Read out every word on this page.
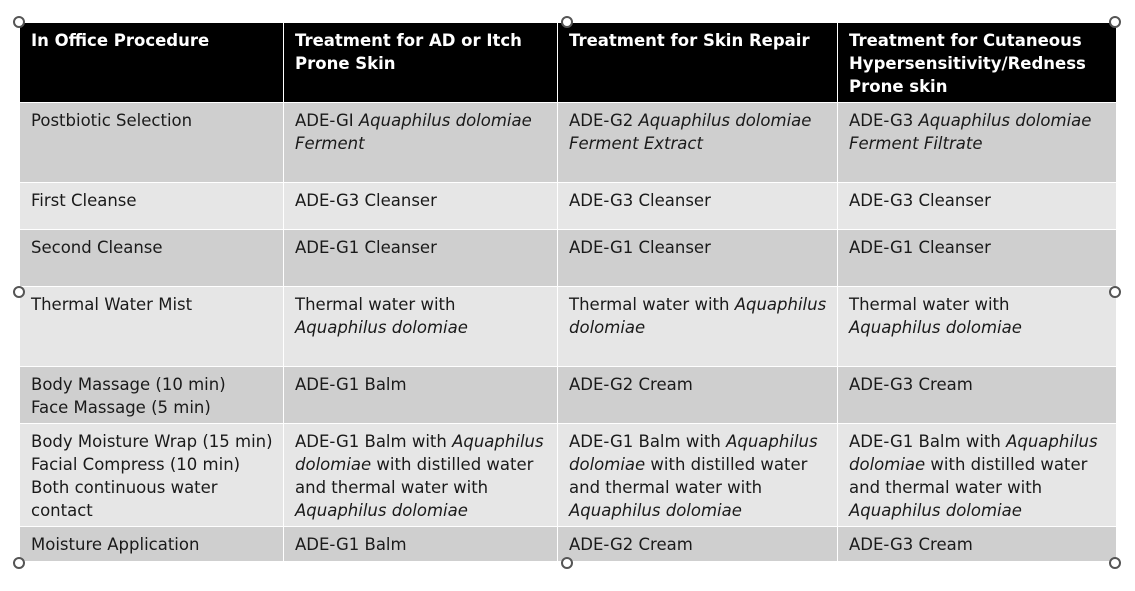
In Office Procedure	Treatment for AD or Itch Prone Skin	Treatment for Skin Repair	Treatment for Cutaneous Hypersensitivity/Redness Prone skin

Postbiotic Selection	ADE-GI Aquaphilus dolomiae Ferment	ADE-G2 Aquaphilus dolomiae Ferment Extract	ADE-G3 Aquaphilus dolomiae Ferment Filtrate

First Cleanse	ADE-G3 Cleanser	ADE-G3 Cleanser	ADE-G3 Cleanser

Second Cleanse	ADE-G1 Cleanser	ADE-G1 Cleanser	ADE-G1 Cleanser

Thermal Water Mist	Thermal water with Aquaphilus dolomiae	Thermal water with Aquaphilus dolomiae	Thermal water with Aquaphilus dolomiae

Body Massage (10 min)
Face Massage (5 min)	ADE-G1 Balm	ADE-G2 Cream	ADE-G3 Cream

Body Moisture Wrap (15 min)
Facial Compress (10 min)
Both continuous water contact	ADE-G1 Balm with Aquaphilus dolomiae with distilled water and thermal water with Aquaphilus dolomiae	ADE-G1 Balm with Aquaphilus dolomiae with distilled water and thermal water with Aquaphilus dolomiae	ADE-G1 Balm with Aquaphilus dolomiae with distilled water and thermal water with Aquaphilus dolomiae

Moisture Application	ADE-G1 Balm	ADE-G2 Cream	ADE-G3 Cream
